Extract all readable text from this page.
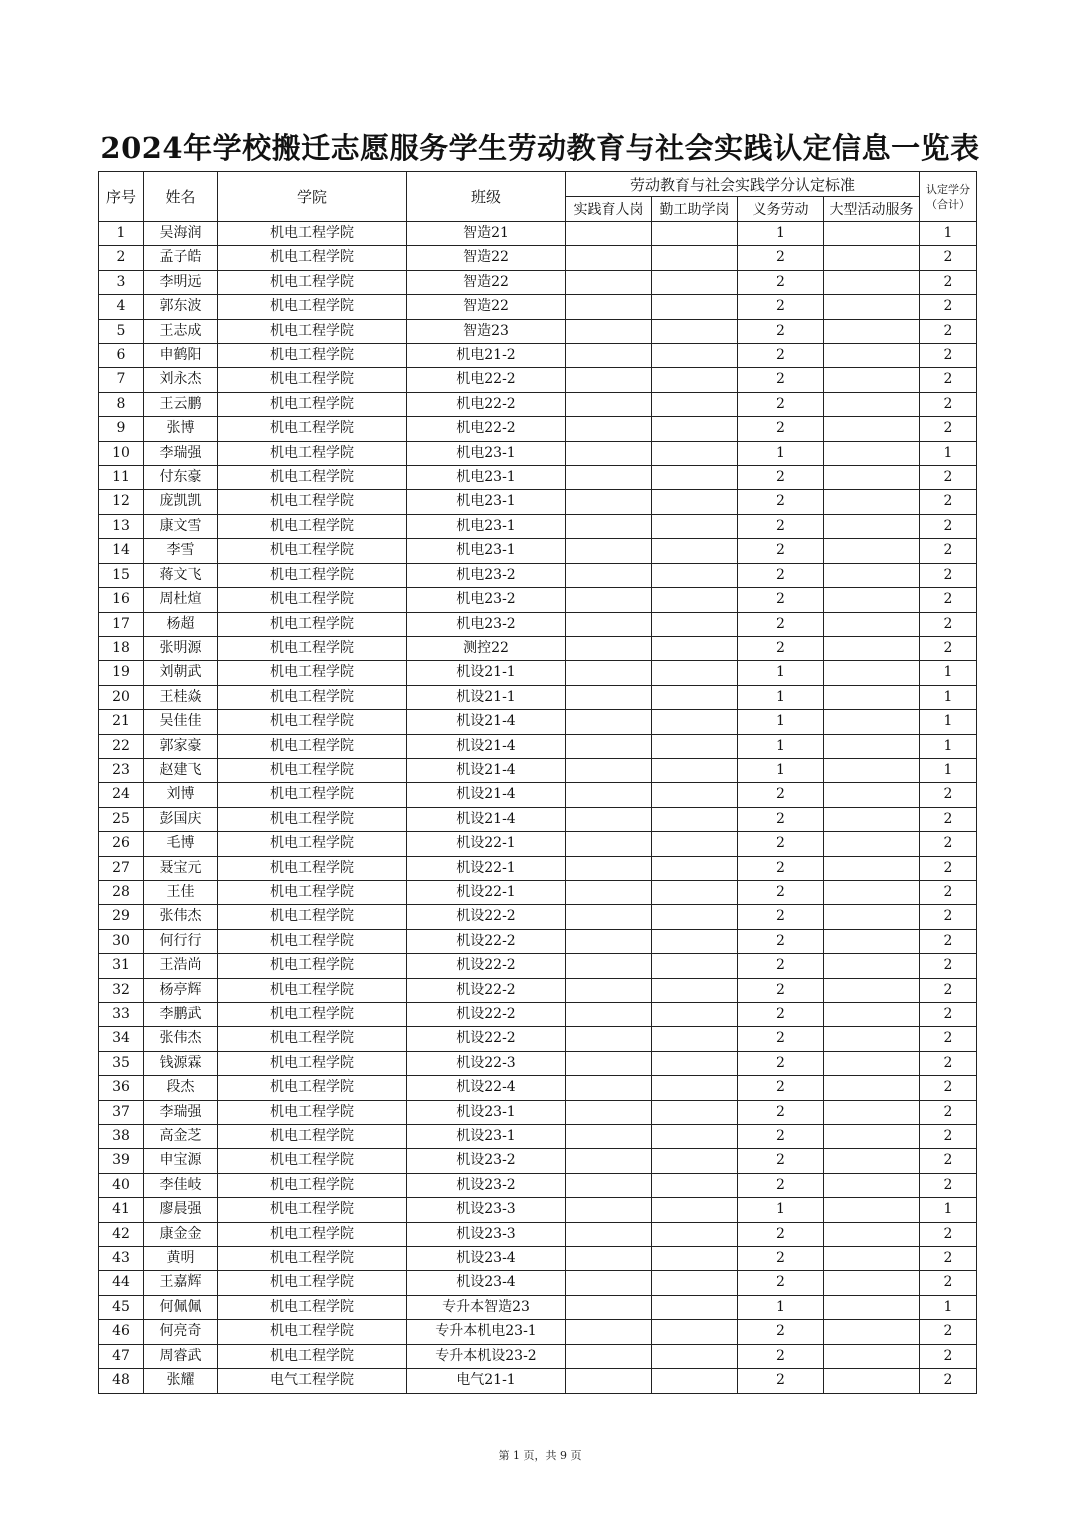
2024年学校搬迁志愿服务学生劳动教育与社会实践认定信息一览表
序号	姓名	学院	班级	劳动教育与社会实践学分认定标准				认定学分
（合计）
				实践育人岗	勤工助学岗	义务劳动	大型活动服务	
1	吴海润	机电工程学院	智造21			1		1
2	孟子皓	机电工程学院	智造22			2		2
3	李明远	机电工程学院	智造22			2		2
4	郭东波	机电工程学院	智造22			2		2
5	王志成	机电工程学院	智造23			2		2
6	申鹤阳	机电工程学院	机电21-2			2		2
7	刘永杰	机电工程学院	机电22-2			2		2
8	王云鹏	机电工程学院	机电22-2			2		2
9	张博	机电工程学院	机电22-2			2		2
10	李瑞强	机电工程学院	机电23-1			1		1
11	付东豪	机电工程学院	机电23-1			2		2
12	庞凯凯	机电工程学院	机电23-1			2		2
13	康文雪	机电工程学院	机电23-1			2		2
14	李雪	机电工程学院	机电23-1			2		2
15	蒋文飞	机电工程学院	机电23-2			2		2
16	周杜煊	机电工程学院	机电23-2			2		2
17	杨超	机电工程学院	机电23-2			2		2
18	张明源	机电工程学院	测控22			2		2
19	刘朝武	机电工程学院	机设21-1			1		1
20	王桂焱	机电工程学院	机设21-1			1		1
21	吴佳佳	机电工程学院	机设21-4			1		1
22	郭家豪	机电工程学院	机设21-4			1		1
23	赵建飞	机电工程学院	机设21-4			1		1
24	刘博	机电工程学院	机设21-4			2		2
25	彭国庆	机电工程学院	机设21-4			2		2
26	毛博	机电工程学院	机设22-1			2		2
27	聂宝元	机电工程学院	机设22-1			2		2
28	王佳	机电工程学院	机设22-1			2		2
29	张伟杰	机电工程学院	机设22-2			2		2
30	何行行	机电工程学院	机设22-2			2		2
31	王浩尚	机电工程学院	机设22-2			2		2
32	杨亭辉	机电工程学院	机设22-2			2		2
33	李鹏武	机电工程学院	机设22-2			2		2
34	张伟杰	机电工程学院	机设22-2			2		2
35	钱源霖	机电工程学院	机设22-3			2		2
36	段杰	机电工程学院	机设22-4			2		2
37	李瑞强	机电工程学院	机设23-1			2		2
38	高金芝	机电工程学院	机设23-1			2		2
39	申宝源	机电工程学院	机设23-2			2		2
40	李佳岐	机电工程学院	机设23-2			2		2
41	廖晨强	机电工程学院	机设23-3			1		1
42	康金金	机电工程学院	机设23-3			2		2
43	黄明	机电工程学院	机设23-4			2		2
44	王嘉辉	机电工程学院	机设23-4			2		2
45	何佩佩	机电工程学院	专升本智造23			1		1
46	何亮奇	机电工程学院	专升本机电23-1			2		2
47	周睿武	机电工程学院	专升本机设23-2			2		2
48	张耀	电气工程学院	电气21-1			2		2
第 1 页，共 9 页
